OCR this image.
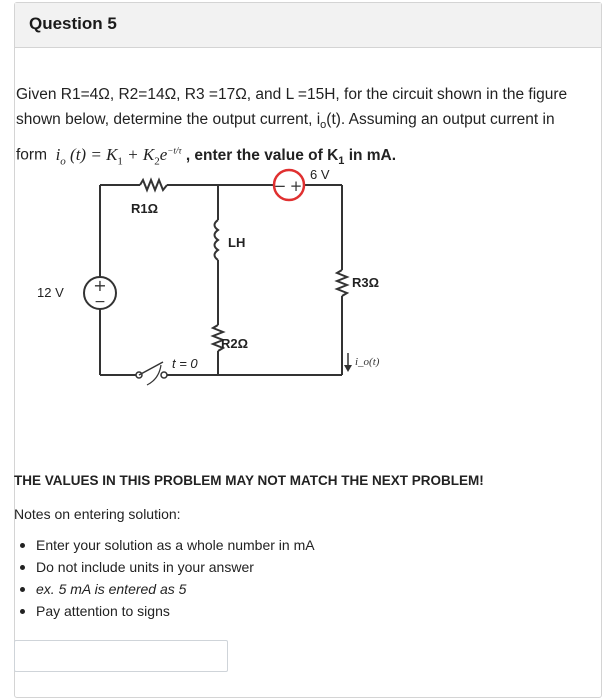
Question 5
Given R1=4Ω, R2=14Ω, R3 =17Ω, and L =15H, for the circuit shown in the figure
shown below, determine the output current, $i_o(t)$. Assuming an output current in
form  $i_o$ $(t) = K_1 + K_2e^{-t/\tau}$ , enter the value of $K_1$ in mA.
+
−
− +
R1Ω
LH
R2Ω
R3Ω
12 V
6 V
t = 0	i_o(t)
THE VALUES IN THIS PROBLEM MAY NOT MATCH THE NEXT PROBLEM!
Notes on entering solution:
Enter your solution as a whole number in mA
Do not include units in your answer
ex. 5 mA is entered as 5
Pay attention to signs
